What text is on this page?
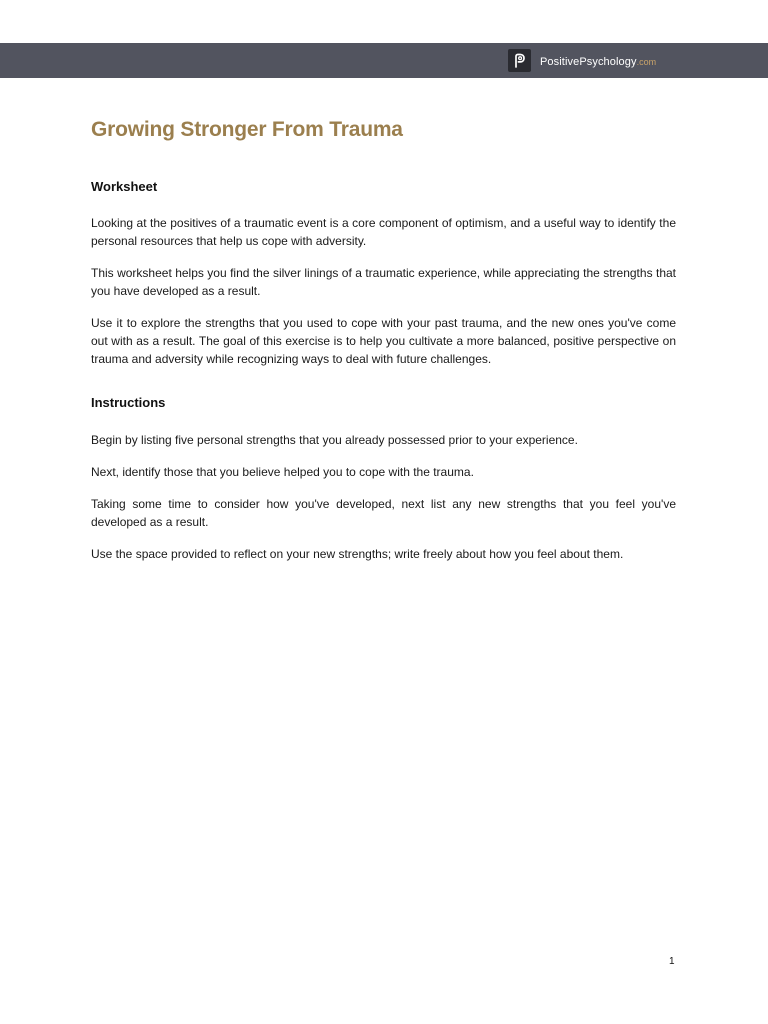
PositivePsychology.com
Growing Stronger From Trauma
Worksheet

Looking at the positives of a traumatic event is a core component of optimism, and a useful way to identify the personal resources that help us cope with adversity.

This worksheet helps you find the silver linings of a traumatic experience, while appreciating the strengths that you have developed as a result.

Use it to explore the strengths that you used to cope with your past trauma, and the new ones you've come out with as a result. The goal of this exercise is to help you cultivate a more balanced, positive perspective on trauma and adversity while recognizing ways to deal with future challenges.

Instructions

Begin by listing five personal strengths that you already possessed prior to your experience.

Next, identify those that you believe helped you to cope with the trauma.

Taking some time to consider how you've developed, next list any new strengths that you feel you've developed as a result.

Use the space provided to reflect on your new strengths; write freely about how you feel about them.

1
